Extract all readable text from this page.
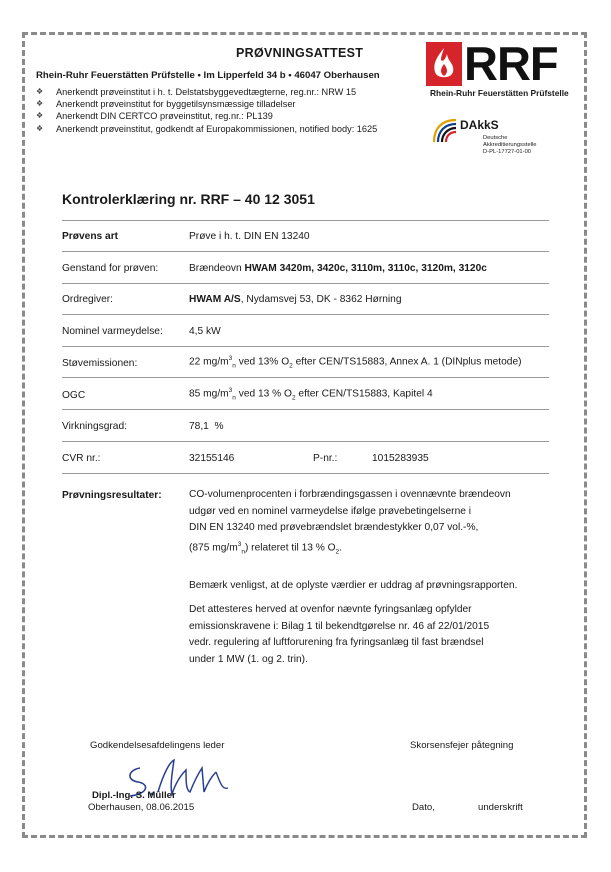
PRØVNINGSATTEST
Rhein-Ruhr Feuerstätten Prüfstelle • Im Lipperfeld 34 b • 46047 Oberhausen
❖ Anerkendt prøveinstitut i h. t. Delstatsbyggevedtægterne, reg.nr.: NRW 15
❖ Anerkendt prøveinstitut for byggetilsynsmæssige tilladelser
❖ Anerkendt DIN CERTCO prøveinstitut, reg.nr.: PL139
❖ Anerkendt prøveinstitut, godkendt af Europakommissionen, notified body: 1625
RRF
Rhein-Ruhr Feuerstätten Prüfstelle
DAkkS
Deutsche
Akkreditierungsstelle
D-PL-17727-01-00
Kontrolerklæring nr. RRF – 40 12 3051
Prøvens art	Prøve i h. t. DIN EN 13240
Genstand for prøven:	Brændeovn HWAM 3420m, 3420c, 3110m, 3110c, 3120m, 3120c
Ordregiver:	HWAM A/S, Nydamsvej 53, DK - 8362 Hørning
Nominel varmeydelse:	4,5 kW
Støvemissionen:	22 $mg/m^3_n$ ved 13% $O_2$ efter CEN/TS15883, Annex A. 1 (DINplus metode)
OGC	85 $mg/m^3_n$ ved 13 % $O_2$ efter CEN/TS15883, Kapitel 4
Virkningsgrad:	78,1  %
CVR nr.:	32155146	P-nr.:	1015283935
Prøvningsresultater:	CO-volumenprocenten i forbrændingsgassen i ovennævnte brændeovn
udgør ved en nominel varmeydelse ifølge prøvebetingelserne i
DIN EN 13240 med prøvebrændslet brændestykker 0,07 vol.-%,
(875 $mg/m^3_n$) relateret til 13 % $O_2$.
Bemærk venligst, at de oplyste værdier er uddrag af prøvningsrapporten.
Det attesteres herved at ovenfor nævnte fyringsanlæg opfylder
emissionskravene i: Bilag 1 til bekendtgørelse nr. 46 af 22/01/2015
vedr. regulering af luftforurening fra fyringsanlæg til fast brændsel
under 1 MW (1. og 2. trin).
Godkendelsesafdelingens leder	Skorsensfejer påtegning
Dipl.-Ing. S. Müller
Oberhausen, 08.06.2015	Dato,	underskrift
